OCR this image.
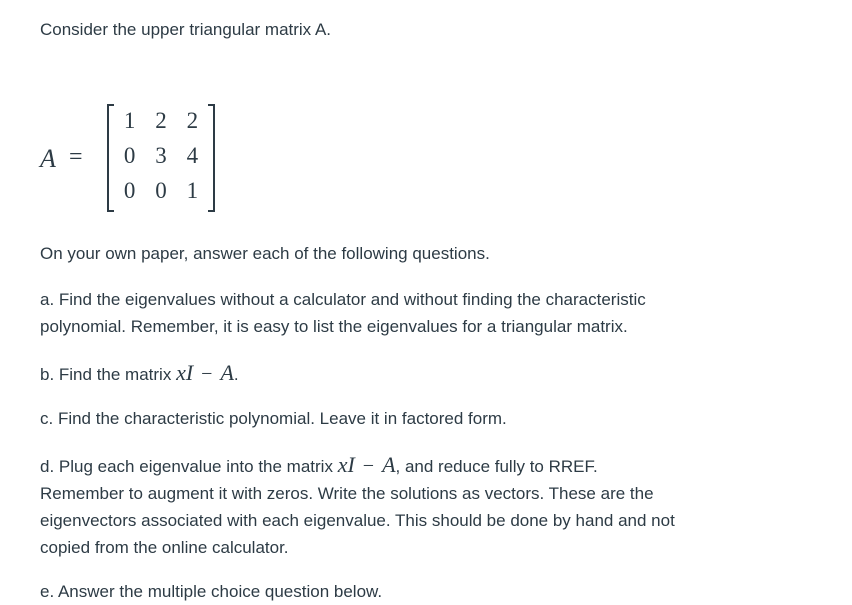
Consider the upper triangular matrix A.

A =
1 2 2
0 3 4
0 0 1

On your own paper, answer each of the following questions.

a. Find the eigenvalues without a calculator and without finding the characteristic
polynomial. Remember, it is easy to list the eigenvalues for a triangular matrix.
b. Find the matrix xI − A.

c. Find the characteristic polynomial. Leave it in factored form.

d. Plug each eigenvalue into the matrix xI − A, and reduce fully to RREF.
Remember to augment it with zeros. Write the solutions as vectors. These are the
eigenvectors associated with each eigenvalue. This should be done by hand and not
copied from the online calculator.

e. Answer the multiple choice question below.
